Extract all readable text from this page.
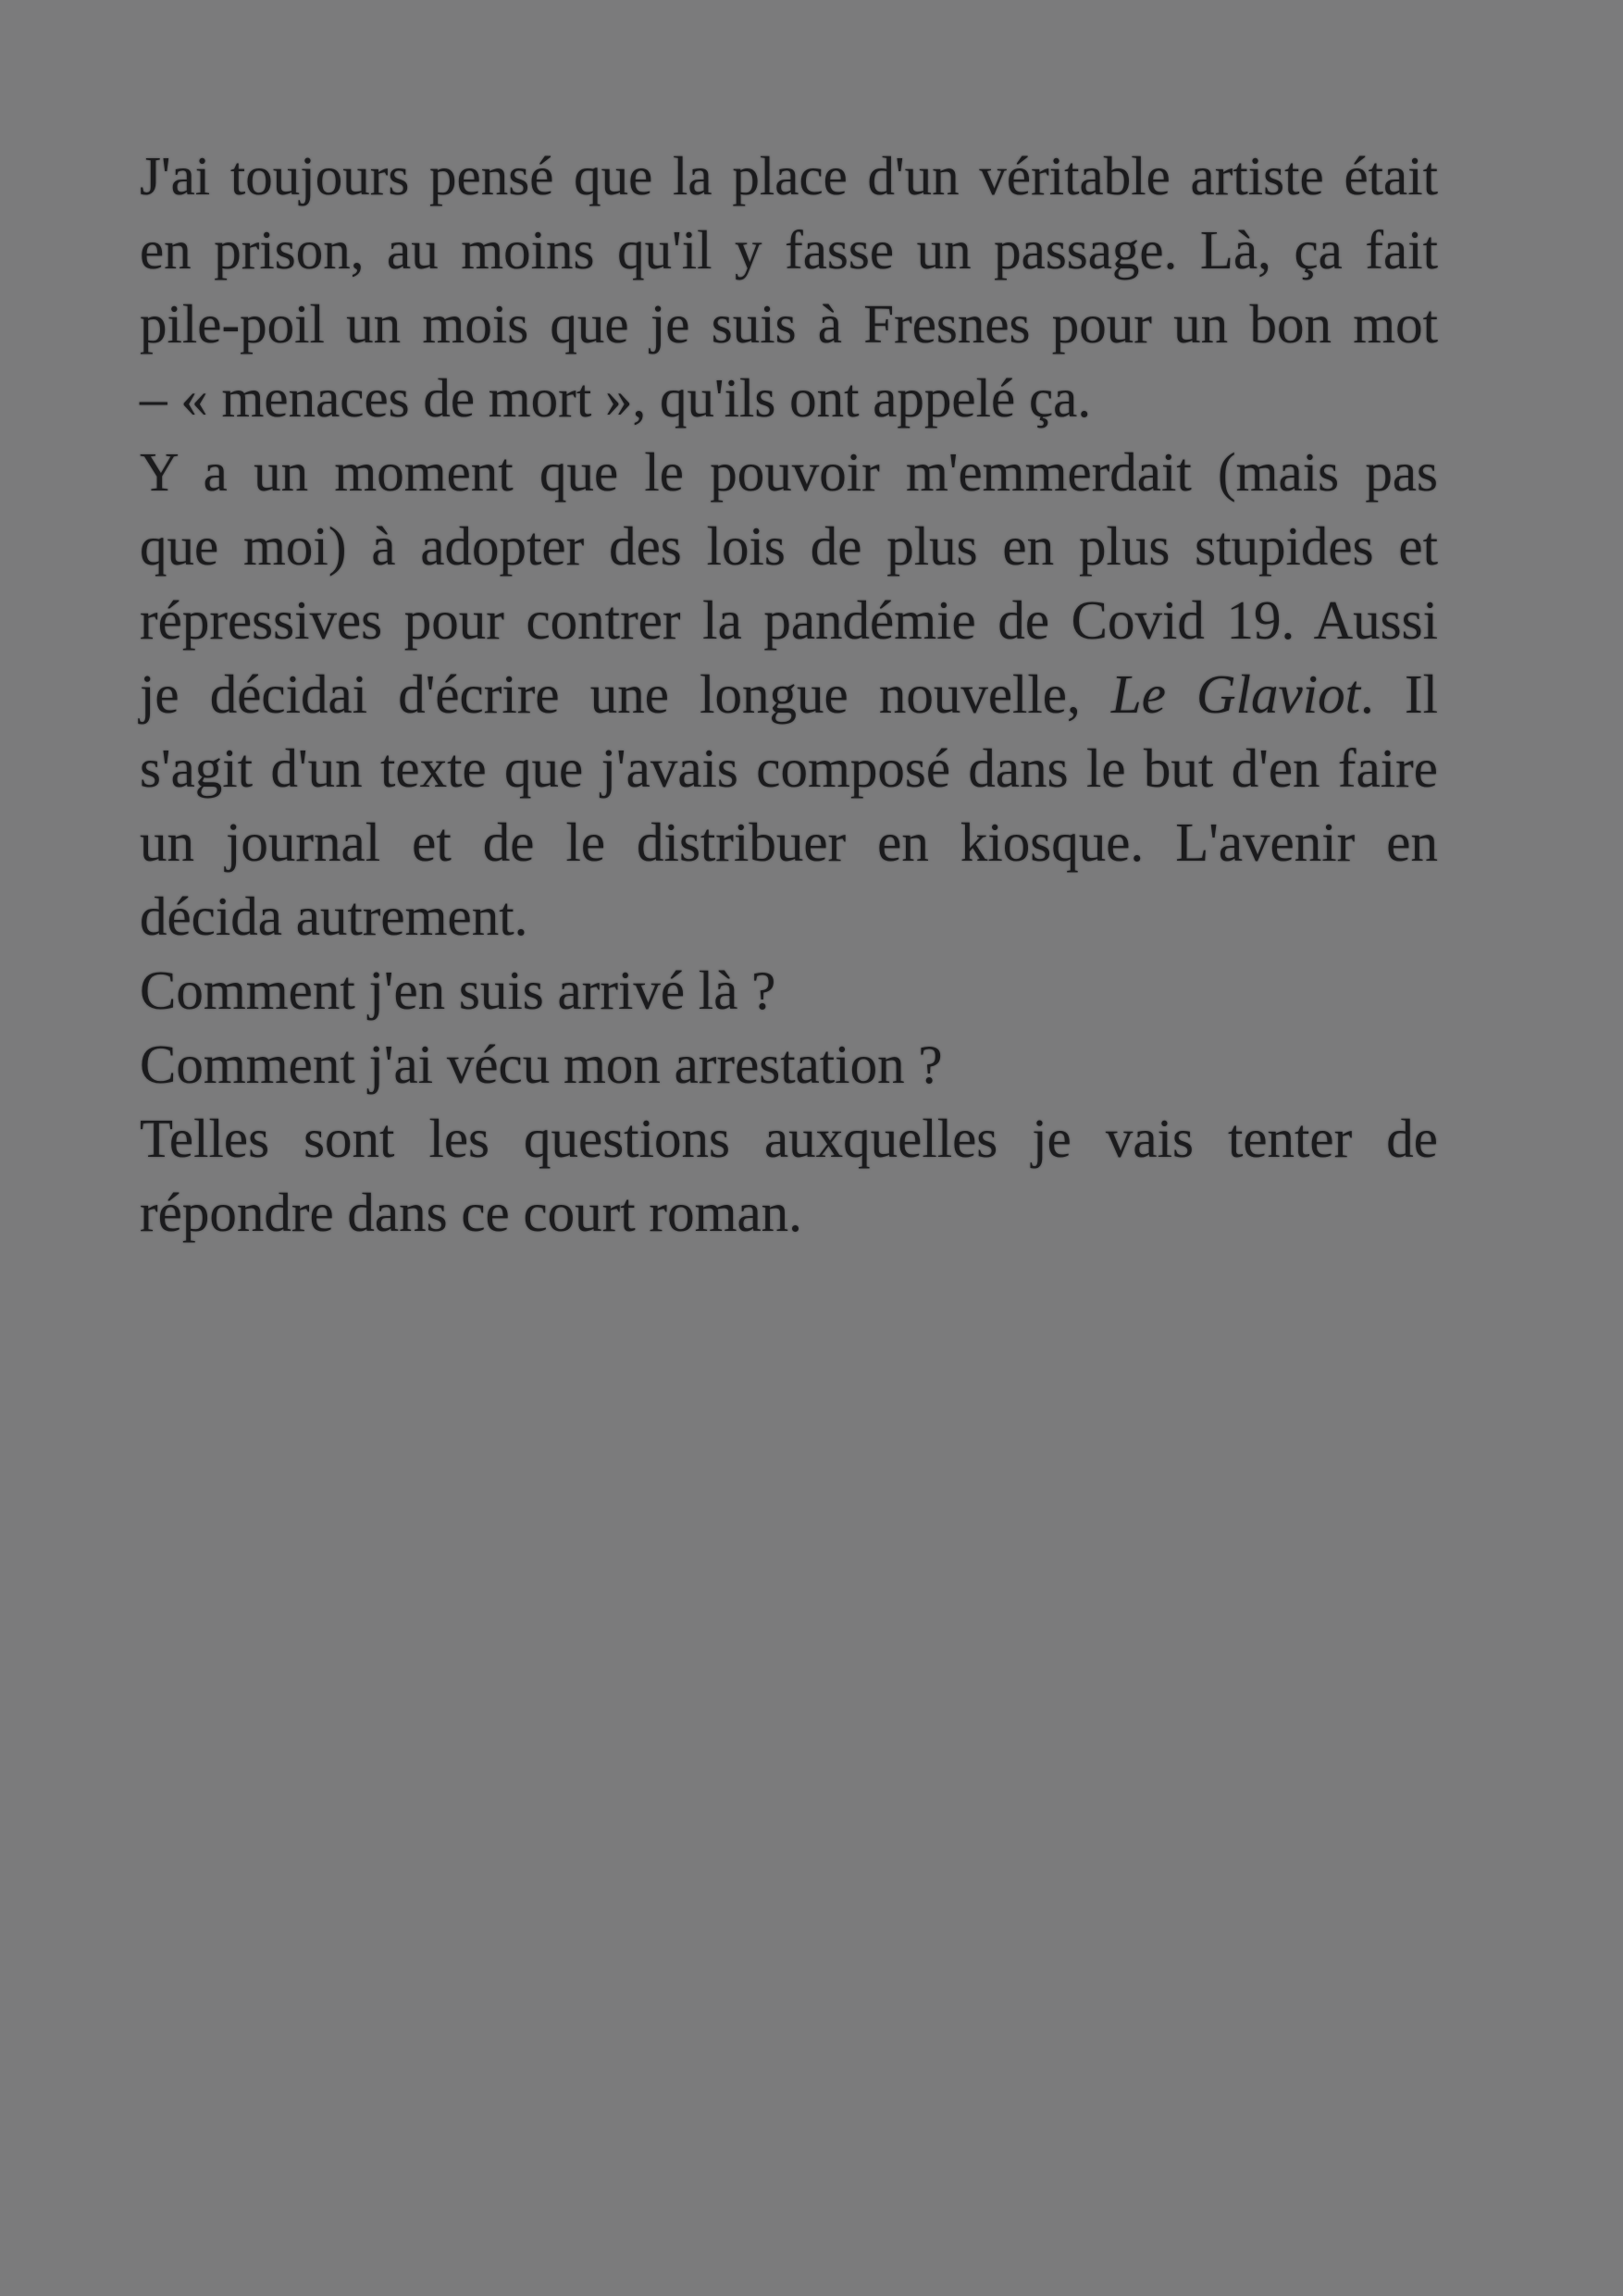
J'ai toujours pensé que la place d'un véritable artiste était
en prison, au moins qu'il y fasse un passage. Là, ça fait
pile-poil un mois que je suis à Fresnes pour un bon mot
– « menaces de mort », qu'ils ont appelé ça.
Y a un moment que le pouvoir m'emmerdait (mais pas
que moi) à adopter des lois de plus en plus stupides et
répressives pour contrer la pandémie de Covid 19. Aussi
je décidai d'écrire une longue nouvelle, Le Glaviot. Il
s'agit d'un texte que j'avais composé dans le but d'en faire
un journal et de le distribuer en kiosque. L'avenir en
décida autrement.
Comment j'en suis arrivé là ?
Comment j'ai vécu mon arrestation ?
Telles sont les questions auxquelles je vais tenter de
répondre dans ce court roman.
